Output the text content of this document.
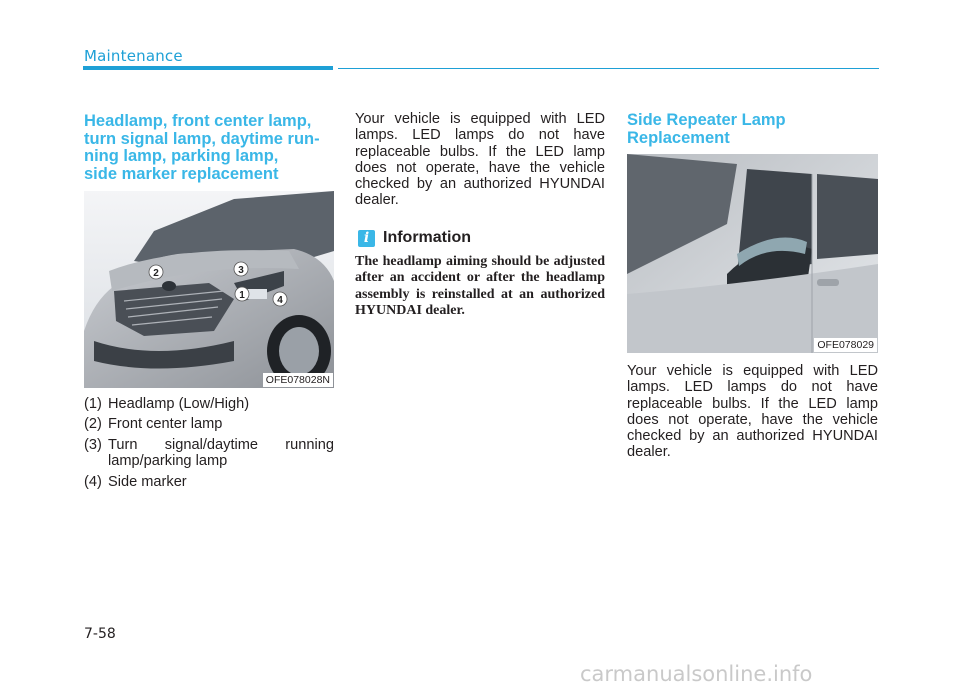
Maintenance
Headlamp, front center lamp,
turn signal lamp, daytime run-
ning lamp, parking lamp,
side marker replacement
1
2	3
4
OFE078028N
(1) Headlamp (Low/High)
(2) Front center lamp
(3) Turn signal/daytime running lamp/parking lamp
(4) Side marker

Your vehicle is equipped with LED lamps. LED lamps do not have replaceable bulbs. If the LED lamp does not operate, have the vehicle checked by an authorized HYUNDAI dealer.

i Information

The headlamp aiming should be adjusted after an accident or after the headlamp assembly is reinstalled at an authorized HYUNDAI dealer.

Side Repeater Lamp
Replacement
OFE078029

Your vehicle is equipped with LED lamps. LED lamps do not have replaceable bulbs. If the LED lamp does not operate, have the vehicle checked by an authorized HYUNDAI dealer.

7-58
carmanualsonline.info
